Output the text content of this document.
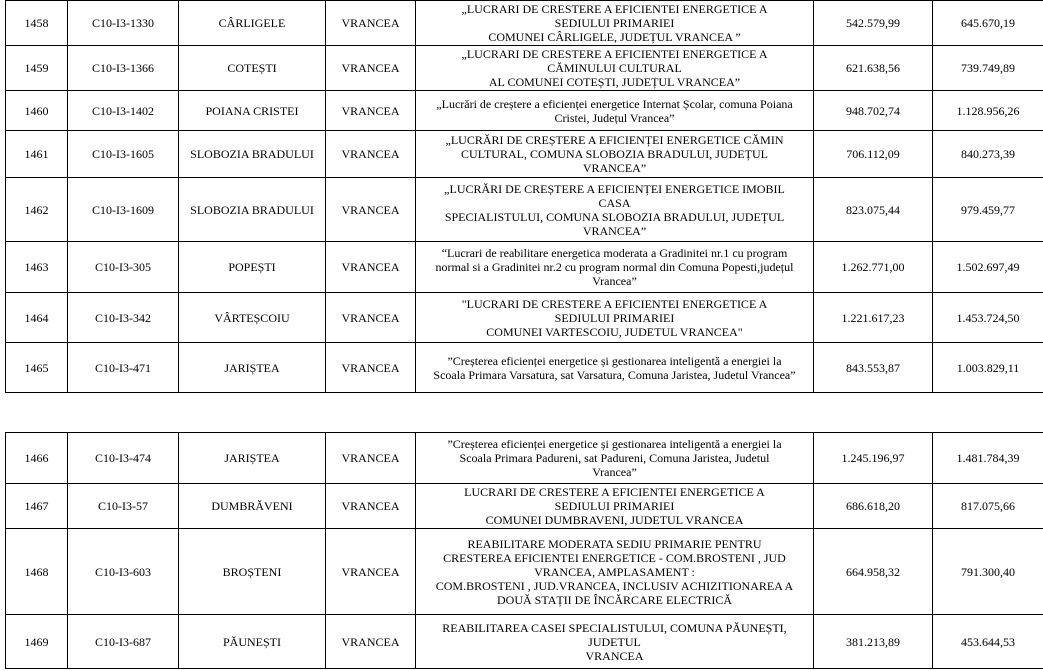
1458	C10-I3-1330	CÂRLIGELE	VRANCEA	„LUCRARI DE CRESTERE A EFICIENTEI ENERGETICE A
SEDIULUI PRIMARIEI
COMUNEI CÂRLIGELE, JUDEȚUL VRANCEA ”	542.579,99	645.670,19
1459	C10-I3-1366	COTEȘTI	VRANCEA	„LUCRARI DE CRESTERE A EFICIENTEI ENERGETICE A
CĂMINULUI CULTURAL
AL COMUNEI COTEȘTI, JUDEȚUL VRANCEA”	621.638,56	739.749,89
1460	C10-I3-1402	POIANA CRISTEI	VRANCEA	„Lucrări de creștere a eficienței energetice Internat Școlar, comuna Poiana
Cristei, Județul Vrancea”	948.702,74	1.128.956,26
1461	C10-I3-1605	SLOBOZIA BRADULUI	VRANCEA	„LUCRĂRI DE CREȘTERE A EFICIENȚEI ENERGETICE CĂMIN
CULTURAL, COMUNA SLOBOZIA BRADULUI, JUDEȚUL
VRANCEA”	706.112,09	840.273,39
1462	C10-I3-1609	SLOBOZIA BRADULUI	VRANCEA	„LUCRĂRI DE CREȘTERE A EFICIENȚEI ENERGETICE IMOBIL
CASA
SPECIALISTULUI, COMUNA SLOBOZIA BRADULUI, JUDEȚUL
VRANCEA”	823.075,44	979.459,77
1463	C10-I3-305	POPEȘTI	VRANCEA	“Lucrari de reabilitare energetica moderata a Gradinitei nr.1 cu program
normal si a Gradinitei nr.2 cu program normal din Comuna Popesti,județul
Vrancea”	1.262.771,00	1.502.697,49
1464	C10-I3-342	VÂRTEȘCOIU	VRANCEA	"LUCRARI DE CRESTERE A EFICIENTEI ENERGETICE A
SEDIULUI PRIMARIEI
COMUNEI VARTESCOIU, JUDETUL VRANCEA"	1.221.617,23	1.453.724,50
1465	C10-I3-471	JARIȘTEA	VRANCEA	”Creșterea eficienței energetice și gestionarea inteligentă a energiei la
Scoala Primara Varsatura, sat Varsatura, Comuna Jaristea, Judetul Vrancea”	843.553,87	1.003.829,11
1466	C10-I3-474	JARIȘTEA	VRANCEA	”Creșterea eficienței energetice și gestionarea inteligentă a energiei la
Scoala Primara Padureni, sat Padureni, Comuna Jaristea, Judetul
Vrancea”	1.245.196,97	1.481.784,39
1467	C10-I3-57	DUMBRĂVENI	VRANCEA	LUCRARI DE CRESTERE A EFICIENTEI ENERGETICE A
SEDIULUI PRIMARIEI
COMUNEI DUMBRAVENI, JUDETUL VRANCEA	686.618,20	817.075,66
1468	C10-I3-603	BROȘTENI	VRANCEA	REABILITARE MODERATA SEDIU PRIMARIE PENTRU
CRESTEREA EFICIENTEI ENERGETICE - COM.BROSTENI , JUD
VRANCEA, AMPLASAMENT :
COM.BROSTENI , JUD.VRANCEA, INCLUSIV ACHIZITIONAREA A
DOUĂ STAȚII DE ÎNCĂRCARE ELECTRICĂ	664.958,32	791.300,40
1469	C10-I3-687	PĂUNEȘTI	VRANCEA	REABILITAREA CASEI SPECIALISTULUI, COMUNA PĂUNEȘTI,
JUDETUL
VRANCEA	381.213,89	453.644,53
